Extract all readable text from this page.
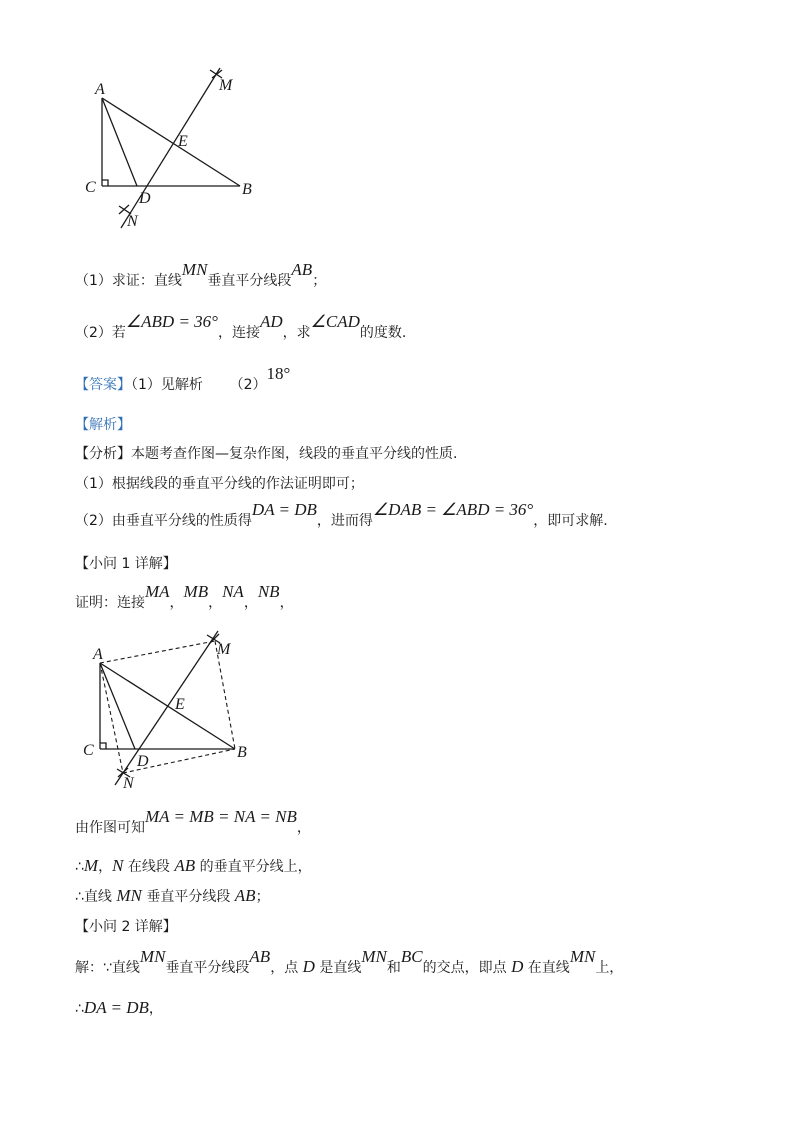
A	M
E
C
D
B
N
（1）求证：直线MN垂直平分线段AB；
（2）若∠ABD = 36°，连接AD，求∠CAD的度数.
【答案】（1）见解析 （2）18°
【解析】
【分析】本题考查作图—复杂作图，线段的垂直平分线的性质.
（1）根据线段的垂直平分线的作法证明即可；
（2）由垂直平分线的性质得DA = DB，进而得∠DAB = ∠ABD = 36°，即可求解.
【小问 1 详解】
证明：连接MA，MB，NA，NB，
A	M
E
C
D
B
N
由作图可知MA = MB = NA = NB，
∴M，N 在线段 AB 的垂直平分线上，
∴直线 MN 垂直平分线段 AB；
【小问 2 详解】
解：∵直线MN垂直平分线段AB，点 D 是直线MN和BC的交点，即点 D 在直线MN上，
∴DA = DB，
